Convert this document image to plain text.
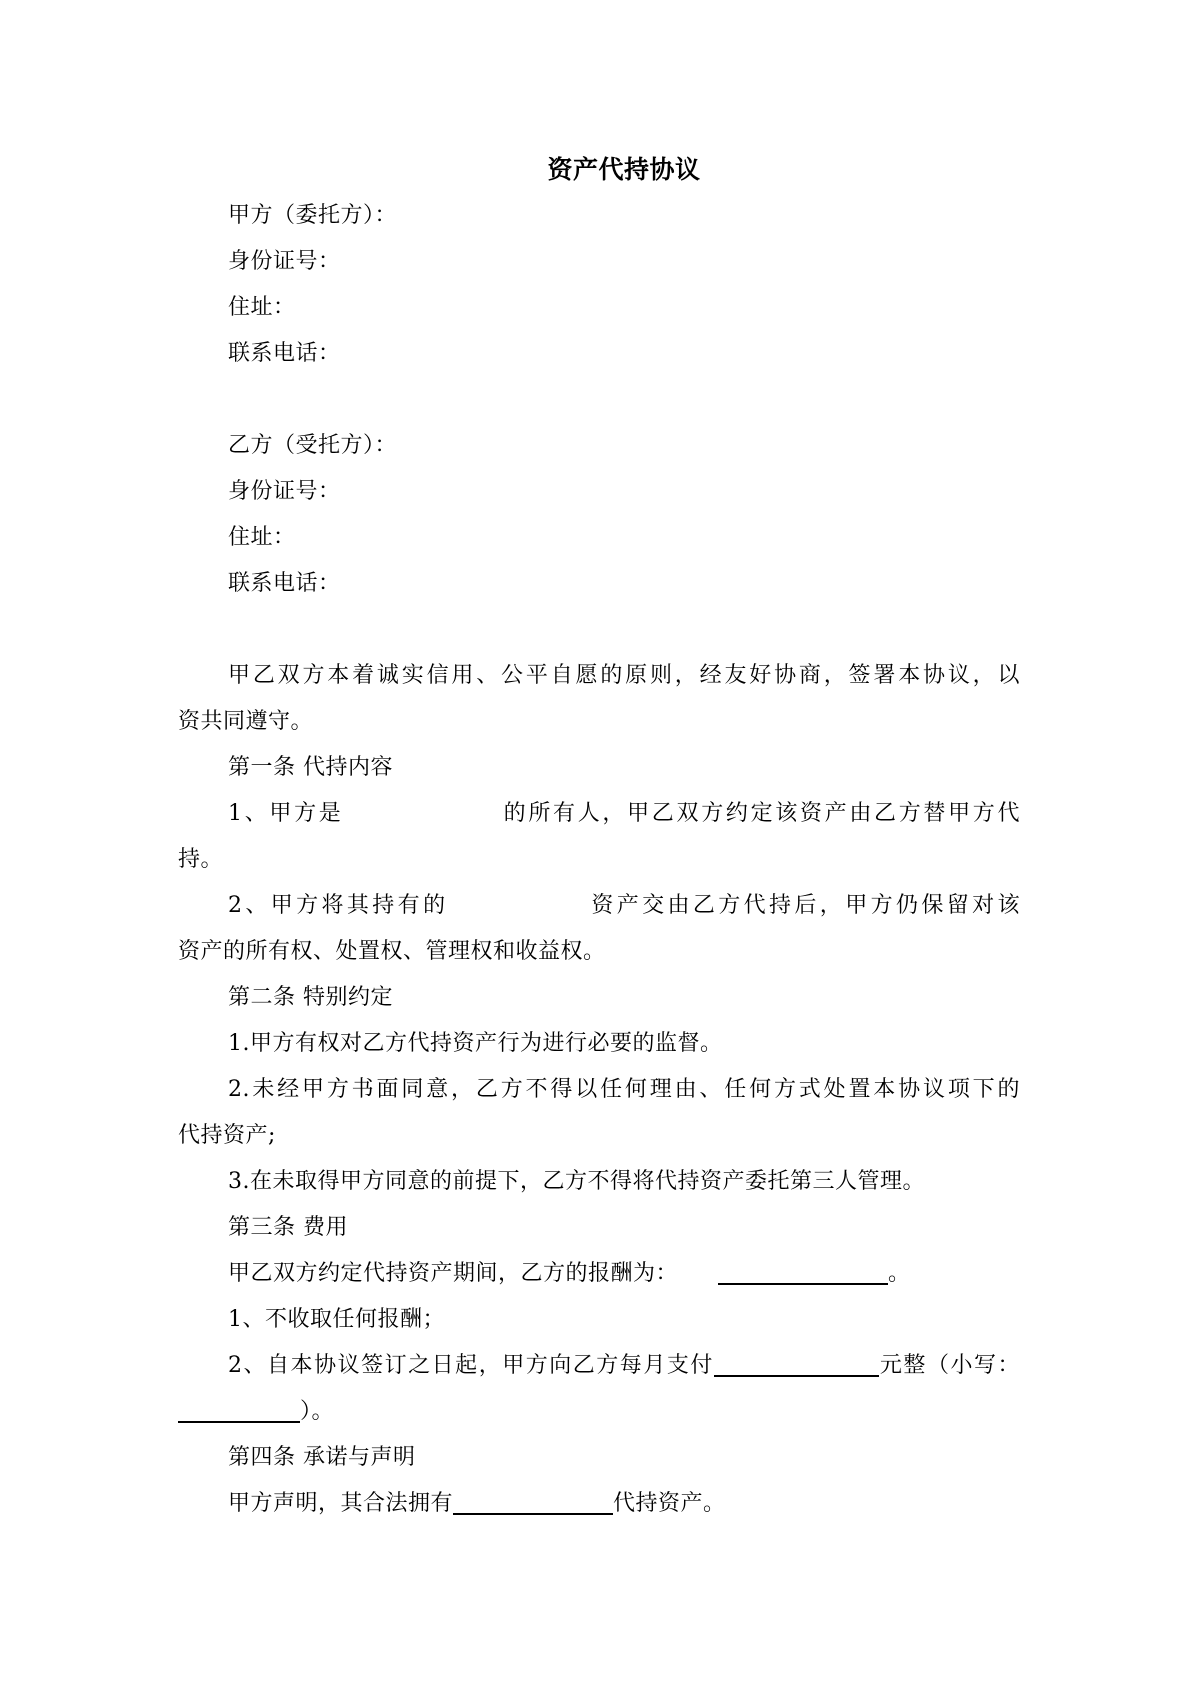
资产代持协议
甲方（委托方）：
身份证号：
住址：
联系电话：
乙方（受托方）：
身份证号：
住址：
联系电话：
甲乙双方本着诚实信用、公平自愿的原则，经友好协商，签署本协议，以
资共同遵守。
第一条 代持内容
1、甲方是	的所有人，甲乙双方约定该资产由乙方替甲方代
持。
2、甲方将其持有的	资产交由乙方代持后，甲方仍保留对该
资产的所有权、处置权、管理权和收益权。
第二条 特别约定
1.甲方有权对乙方代持资产行为进行必要的监督。
2.未经甲方书面同意，乙方不得以任何理由、任何方式处置本协议项下的
代持资产;
3.在未取得甲方同意的前提下，乙方不得将代持资产委托第三人管理。
第三条 费用
甲乙双方约定代持资产期间，乙方的报酬为：	。
1、不收取任何报酬；
2、自本协议签订之日起，甲方向乙方每月支付	元整（小写：
）。
第四条 承诺与声明
甲方声明，其合法拥有	代持资产。
